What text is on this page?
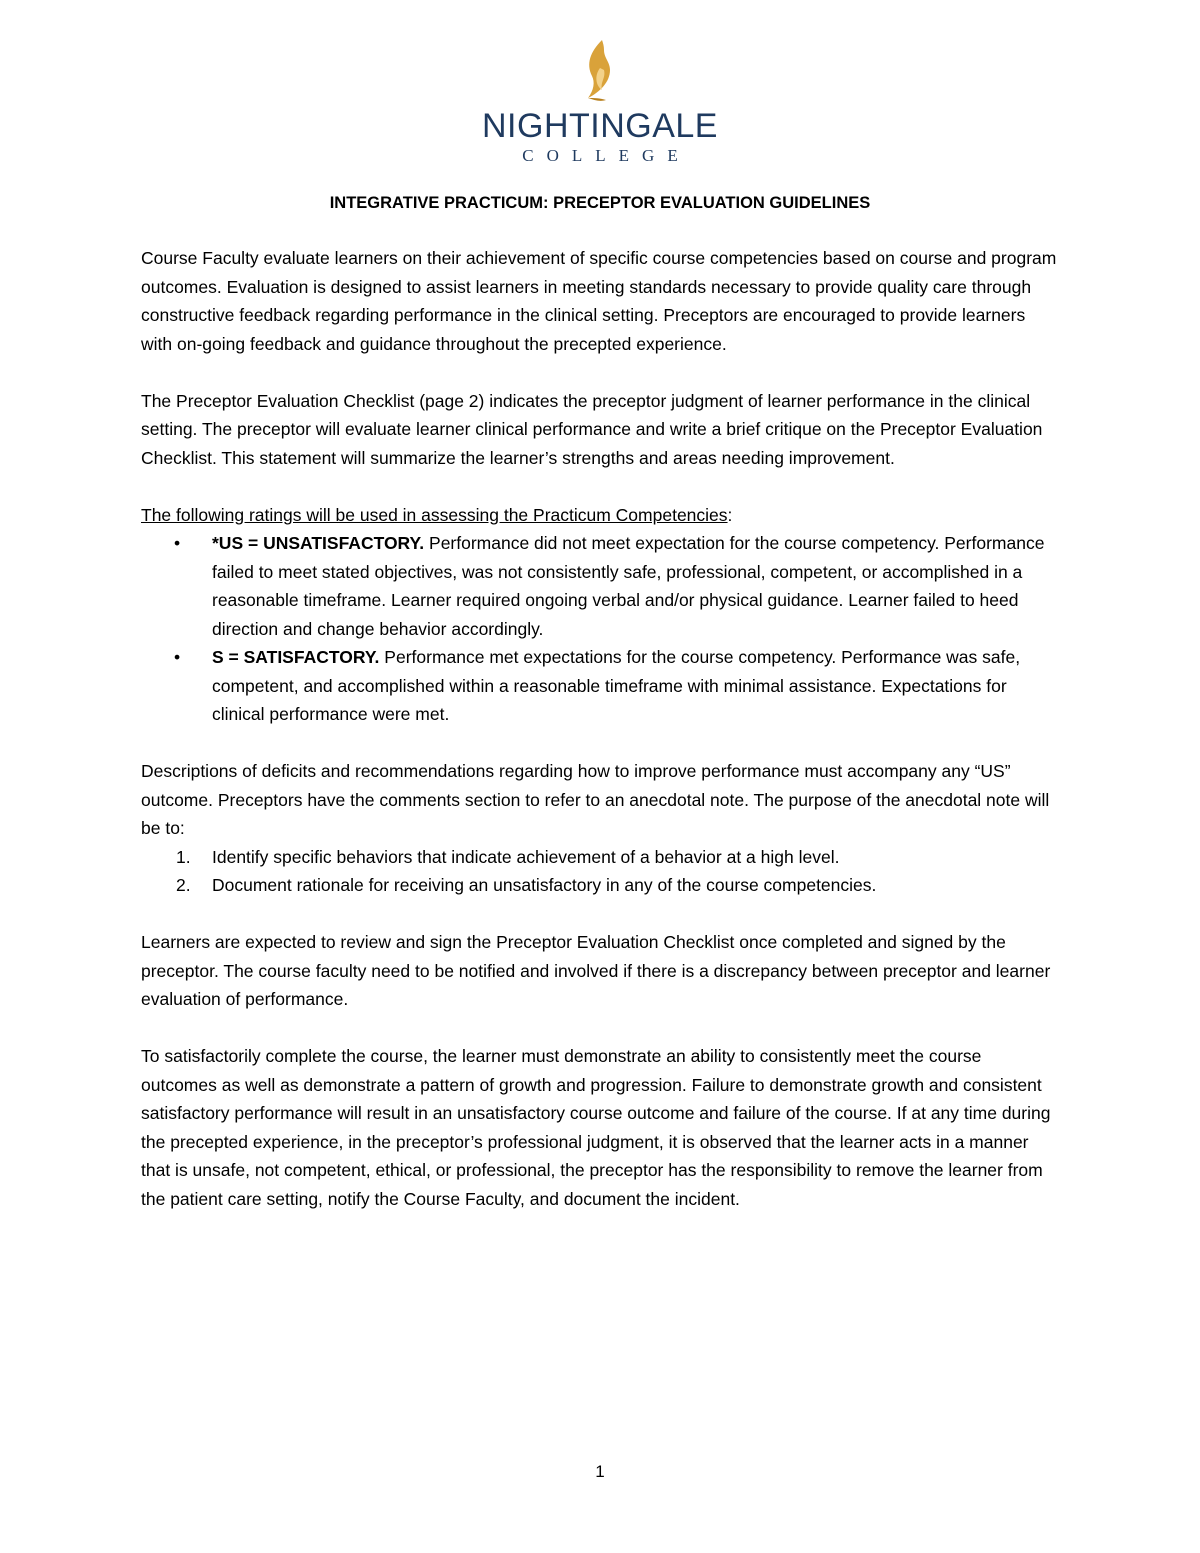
NIGHTINGALE
COLLEGE
INTEGRATIVE PRACTICUM: PRECEPTOR EVALUATION GUIDELINES

Course Faculty evaluate learners on their achievement of specific course competencies based on course and program outcomes. Evaluation is designed to assist learners in meeting standards necessary to provide quality care through constructive feedback regarding performance in the clinical setting. Preceptors are encouraged to provide learners with on-going feedback and guidance throughout the precepted experience.

The Preceptor Evaluation Checklist (page 2) indicates the preceptor judgment of learner performance in the clinical setting. The preceptor will evaluate learner clinical performance and write a brief critique on the Preceptor Evaluation Checklist. This statement will summarize the learner’s strengths and areas needing improvement.

The following ratings will be used in assessing the Practicum Competencies:
• *US = UNSATISFACTORY. Performance did not meet expectation for the course competency. Performance failed to meet stated objectives, was not consistently safe, professional, competent, or accomplished in a reasonable timeframe. Learner required ongoing verbal and/or physical guidance. Learner failed to heed direction and change behavior accordingly.
• S = SATISFACTORY. Performance met expectations for the course competency. Performance was safe, competent, and accomplished within a reasonable timeframe with minimal assistance. Expectations for clinical performance were met.
Descriptions of deficits and recommendations regarding how to improve performance must accompany any “US” outcome. Preceptors have the comments section to refer to an anecdotal note. The purpose of the anecdotal note will be to:
1. Identify specific behaviors that indicate achievement of a behavior at a high level.
2. Document rationale for receiving an unsatisfactory in any of the course competencies.

Learners are expected to review and sign the Preceptor Evaluation Checklist once completed and signed by the preceptor. The course faculty need to be notified and involved if there is a discrepancy between preceptor and learner evaluation of performance.

To satisfactorily complete the course, the learner must demonstrate an ability to consistently meet the course outcomes as well as demonstrate a pattern of growth and progression. Failure to demonstrate growth and consistent satisfactory performance will result in an unsatisfactory course outcome and failure of the course. If at any time during the precepted experience, in the preceptor’s professional judgment, it is observed that the learner acts in a manner that is unsafe, not competent, ethical, or professional, the preceptor has the responsibility to remove the learner from the patient care setting, notify the Course Faculty, and document the incident.

1
